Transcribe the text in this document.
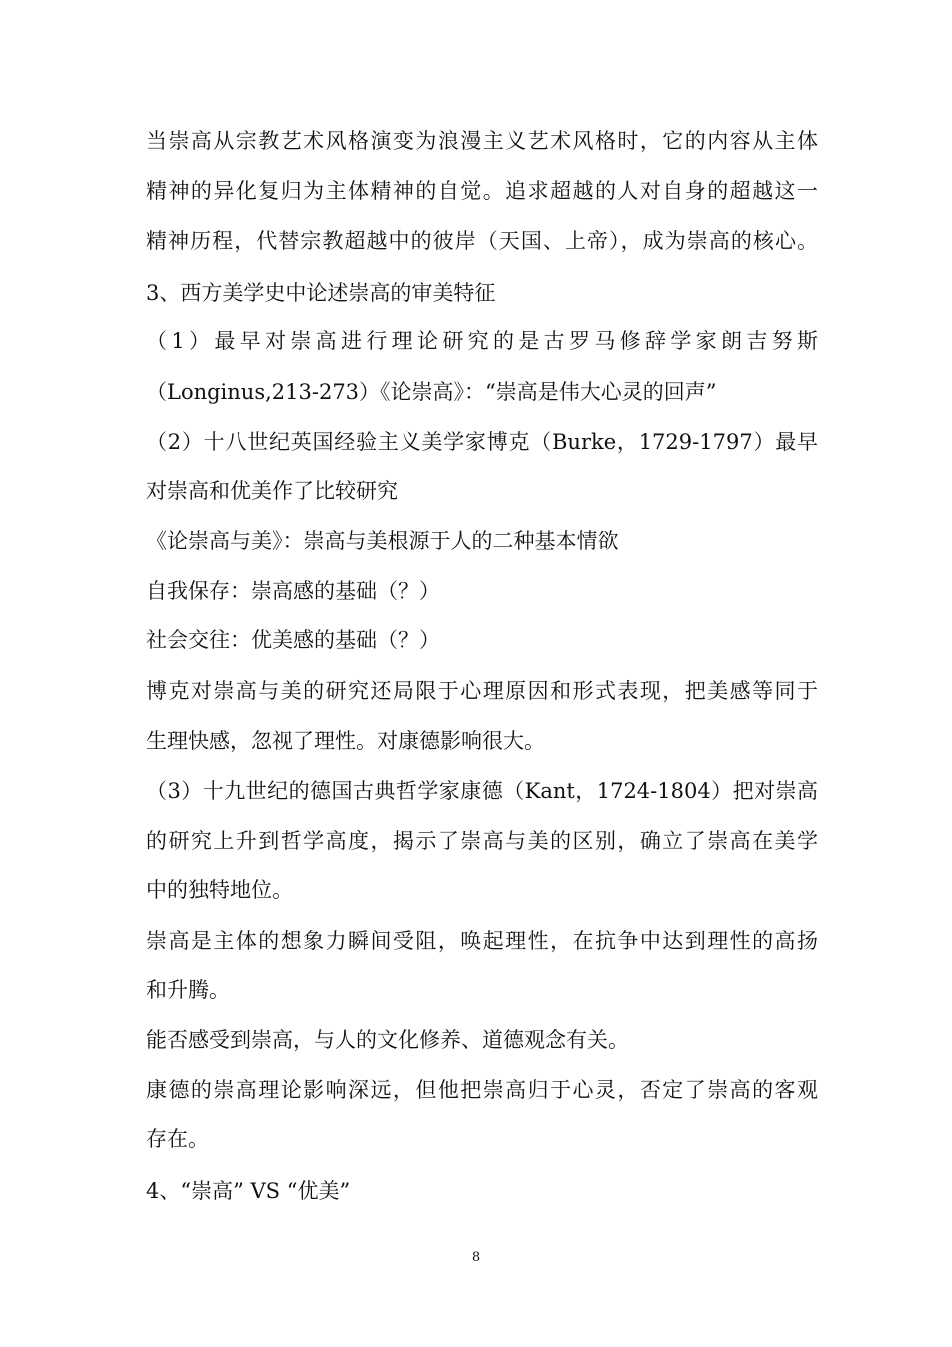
当崇高从宗教艺术风格演变为浪漫主义艺术风格时，它的内容从主体
精神的异化复归为主体精神的自觉。追求超越的人对自身的超越这一
精神历程，代替宗教超越中的彼岸（天国、上帝），成为崇高的核心。
3、西方美学史中论述崇高的审美特征
（1）最早对崇高进行理论研究的是古罗马修辞学家朗吉努斯
（Longinus,213-273）《论崇高》：“崇高是伟大心灵的回声”
（2）十八世纪英国经验主义美学家博克（Burke，1729-1797）最早
对崇高和优美作了比较研究
《论崇高与美》：崇高与美根源于人的二种基本情欲
自我保存：崇高感的基础（？）
社会交往：优美感的基础（？）
博克对崇高与美的研究还局限于心理原因和形式表现，把美感等同于
生理快感，忽视了理性。对康德影响很大。
（3）十九世纪的德国古典哲学家康德（Kant，1724-1804）把对崇高
的研究上升到哲学高度，揭示了崇高与美的区别，确立了崇高在美学
中的独特地位。
崇高是主体的想象力瞬间受阻，唤起理性，在抗争中达到理性的高扬
和升腾。
能否感受到崇高，与人的文化修养、道德观念有关。
康德的崇高理论影响深远，但他把崇高归于心灵，否定了崇高的客观
存在。
4、“崇高” VS “优美”
8
